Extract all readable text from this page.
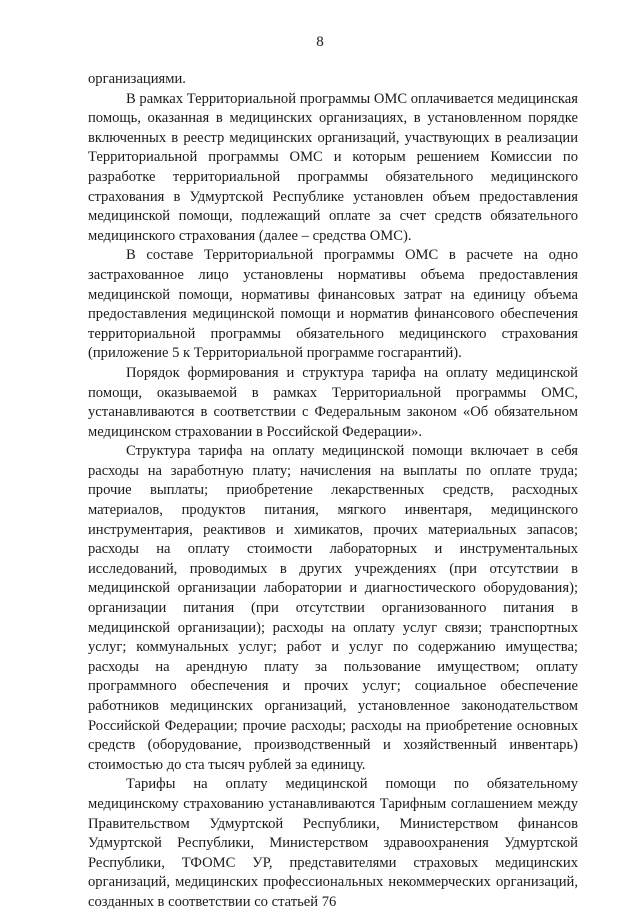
8

организациями.

В рамках Территориальной программы ОМС оплачивается медицинская помощь, оказанная в медицинских организациях, в установленном порядке включенных в реестр медицинских организаций, участвующих в реализации Территориальной программы ОМС и которым решением Комиссии по разработке территориальной программы обязательного медицинского страхования в Удмуртской Республике установлен объем предоставления медицинской помощи, подлежащий оплате за счет средств обязательного медицинского страхования (далее – средства ОМС).

В составе Территориальной программы ОМС в расчете на одно застрахованное лицо установлены нормативы объема предоставления медицинской помощи, нормативы финансовых затрат на единицу объема предоставления медицинской помощи и норматив финансового обеспечения территориальной программы обязательного медицинского страхования (приложение 5 к Территориальной программе госгарантий).

Порядок формирования и структура тарифа на оплату медицинской помощи, оказываемой в рамках Территориальной программы ОМС, устанавливаются в соответствии с Федеральным законом «Об обязательном медицинском страховании в Российской Федерации».

Структура тарифа на оплату медицинской помощи включает в себя расходы на заработную плату; начисления на выплаты по оплате труда; прочие выплаты; приобретение лекарственных средств, расходных материалов, продуктов питания, мягкого инвентаря, медицинского инструментария, реактивов и химикатов, прочих материальных запасов; расходы на оплату стоимости лабораторных и инструментальных исследований, проводимых в других учреждениях (при отсутствии в медицинской организации лаборатории и диагностического оборудования); организации питания (при отсутствии организованного питания в медицинской организации); расходы на оплату услуг связи; транспортных услуг; коммунальных услуг; работ и услуг по содержанию имущества; расходы на арендную плату за пользование имуществом; оплату программного обеспечения и прочих услуг; социальное обеспечение работников медицинских организаций, установленное законодательством Российской Федерации; прочие расходы; расходы на приобретение основных средств (оборудование, производственный и хозяйственный инвентарь) стоимостью до ста тысяч рублей за единицу.

Тарифы на оплату медицинской помощи по обязательному медицинскому страхованию устанавливаются Тарифным соглашением между Правительством Удмуртской Республики, Министерством финансов Удмуртской Республики, Министерством здравоохранения Удмуртской Республики, ТФОМС УР, представителями страховых медицинских организаций, медицинских профессиональных некоммерческих организаций, созданных в соответствии со статьей 76
